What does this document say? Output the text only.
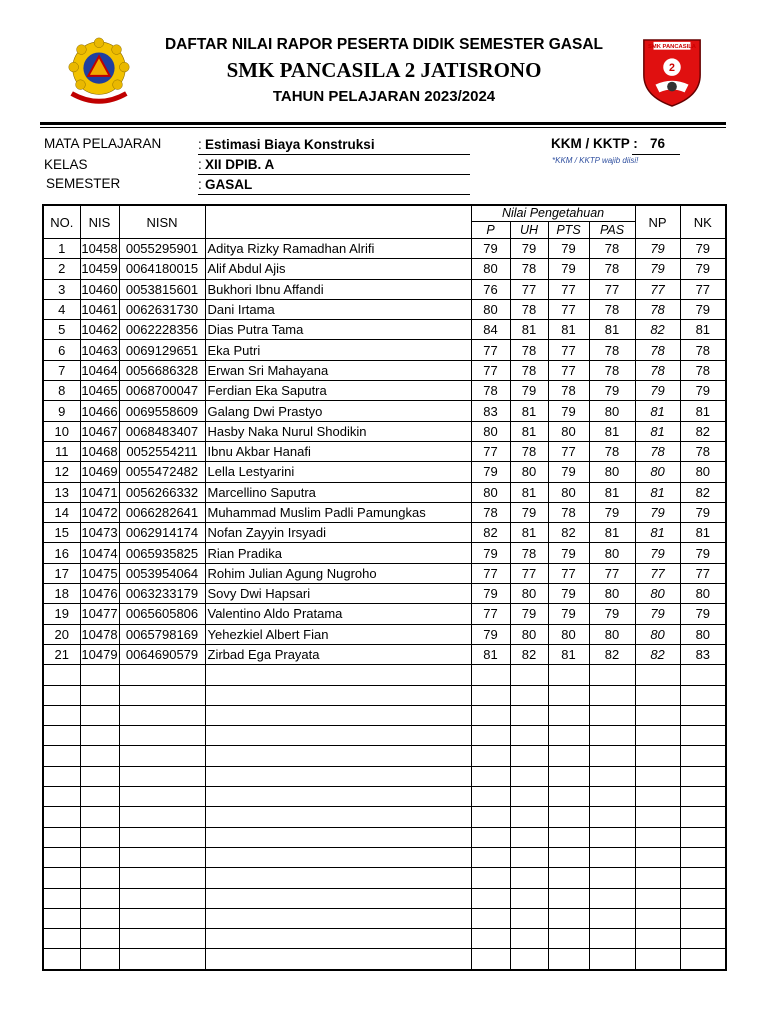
SMK PANCASILA
2
DAFTAR NILAI RAPOR PESERTA DIDIK SEMESTER GASAL
SMK PANCASILA 2 JATISRONO
TAHUN PELAJARAN 2023/2024
MATA PELAJARAN	: Estimasi Biaya Konstruksi
KELAS	: XII DPIB. A
SEMESTER	: GASAL
KKM / KKTP : 76
*KKM / KKTP wajib diisi!
NO.	NIS	NISN		Nilai Pengetahuan				NP	NK
				P	UH	PTS	PAS		
1	10458	0055295901	Aditya Rizky Ramadhan Alrifi	79	79	79	78	79	79
2	10459	0064180015	Alif Abdul Ajis	80	78	79	78	79	79
3	10460	0053815601	Bukhori Ibnu Affandi	76	77	77	77	77	77
4	10461	0062631730	Dani Irtama	80	78	77	78	78	79
5	10462	0062228356	Dias Putra Tama	84	81	81	81	82	81
6	10463	0069129651	Eka Putri	77	78	77	78	78	78
7	10464	0056686328	Erwan Sri Mahayana	77	78	77	78	78	78
8	10465	0068700047	Ferdian Eka Saputra	78	79	78	79	79	79
9	10466	0069558609	Galang Dwi Prastyo	83	81	79	80	81	81
10	10467	0068483407	Hasby Naka Nurul Shodikin	80	81	80	81	81	82
11	10468	0052554211	Ibnu Akbar Hanafi	77	78	77	78	78	78
12	10469	0055472482	Lella Lestyarini	79	80	79	80	80	80
13	10471	0056266332	Marcellino Saputra	80	81	80	81	81	82
14	10472	0066282641	Muhammad Muslim Padli Pamungkas	78	79	78	79	79	79
15	10473	0062914174	Nofan Zayyin Irsyadi	82	81	82	81	81	81
16	10474	0065935825	Rian Pradika	79	78	79	80	79	79
17	10475	0053954064	Rohim Julian Agung Nugroho	77	77	77	77	77	77
18	10476	0063233179	Sovy Dwi Hapsari	79	80	79	80	80	80
19	10477	0065605806	Valentino Aldo Pratama	77	79	79	79	79	79
20	10478	0065798169	Yehezkiel Albert Fian	79	80	80	80	80	80
21	10479	0064690579	Zirbad Ega Prayata	81	82	81	82	82	83
